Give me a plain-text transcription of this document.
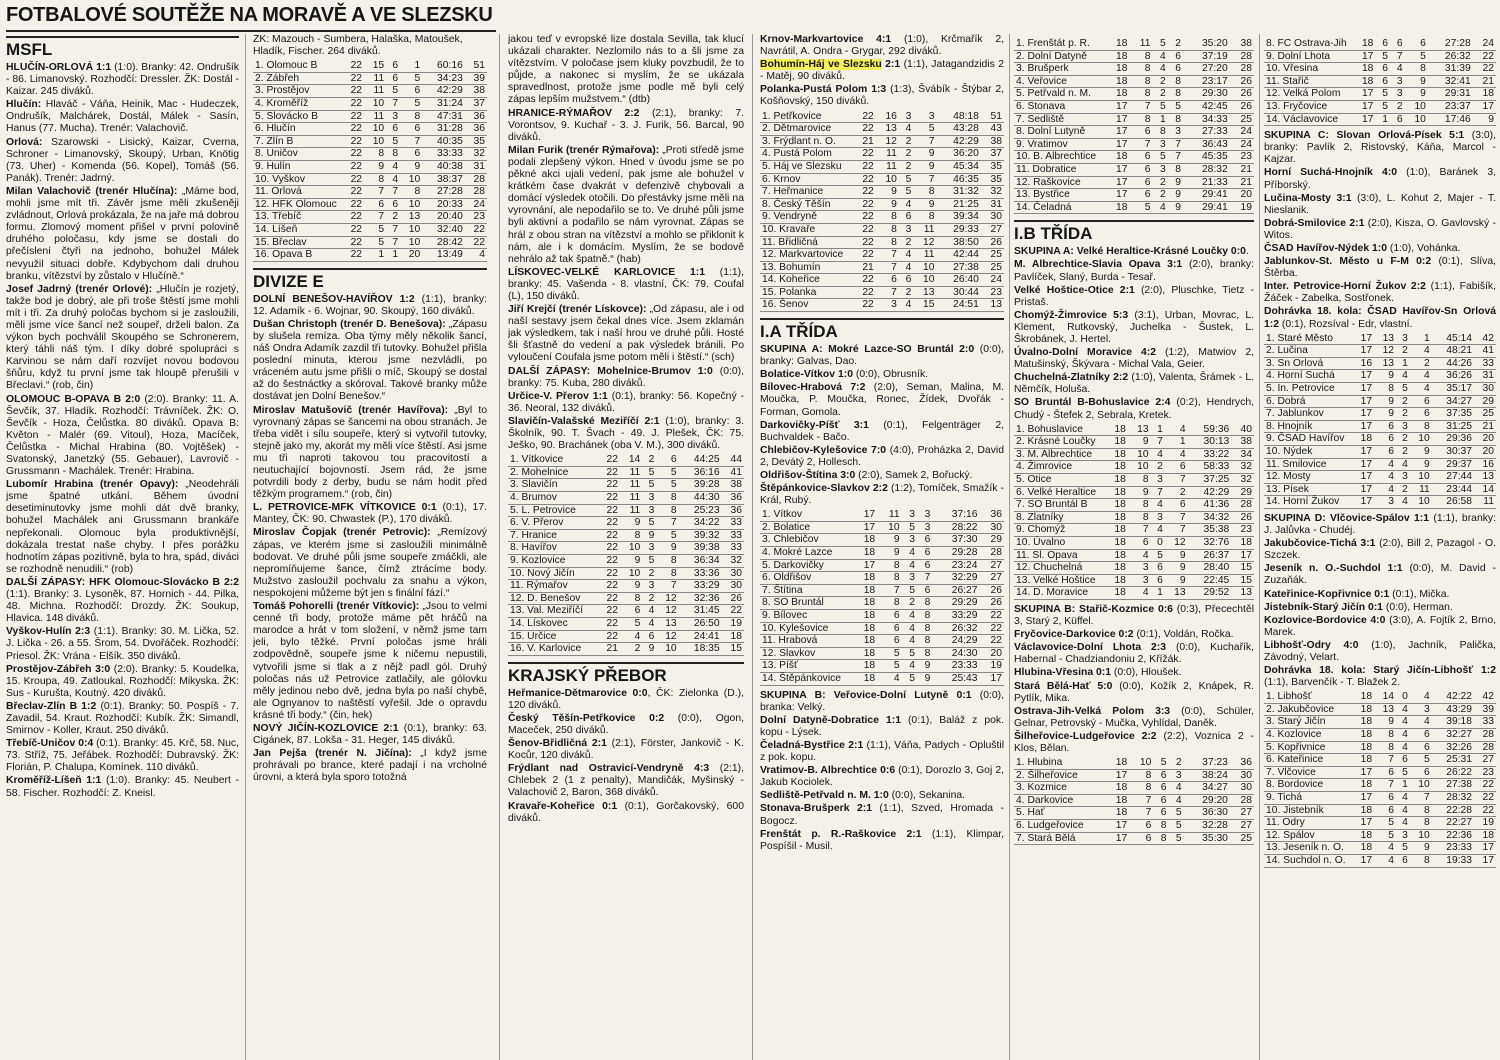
FOTBALOVÉ SOUTĚŽE NA MORAVĚ A VE SLEZSKU
MSFL

HLUČÍN-ORLOVÁ 1:1 (1:0). Branky: 42. Ondrušík - 86. Limanovský. Rozhodčí: Dressler. ŽK: Dostál - Kaizar. 245 diváků.

Hlučín: Hlaváč - Váňa, Heinik, Mac - Hudeczek, Ondrušík, Malchárek, Dostál, Málek - Sasín, Hanus (77. Mucha). Trenér: Valachovič.

Orlová: Szarowski - Lisický, Kaizar, Cverna, Schroner - Limanovský, Skoupý, Urban, Knötig (73. Uher) - Komenda (56. Kopel), Tomáš (56. Panák). Trenér: Jadrný.

Milan Valachovič (trenér Hlučína): „Máme bod, mohli jsme mít tři. Závěr jsme měli zkušeněji zvládnout, Orlová prokázala, že na jaře má dobrou formu. Zlomový moment přišel v první polovině druhého poločasu, kdy jsme se dostali do přečíslení čtyři na jednoho, bohužel Málek nevyužil situaci dobře. Kdybychom dali druhou branku, vítězství by zůstalo v Hlučíně.“

Josef Jadrný (trenér Orlové): „Hlučín je rozjetý, takže bod je dobrý, ale při troše štěstí jsme mohli mít i tři. Za druhý poločas bychom si je zasloužili, měli jsme více šancí než soupeř, drželi balon. Za výkon bych pochválil Skoupého se Schronerem, který táhli náš tým. I díky dobré spolupráci s Karvinou se nám daří rozvíjet novou bodovou šňůru, když tu první jsme tak hloupě přerušili v Břeclavi.“ (rob, čin)

OLOMOUC B-OPAVA B 2:0 (2:0). Branky: 11. A. Ševčík, 37. Hladík. Rozhodčí: Trávníček. ŽK: O. Ševčík - Hoza, Čelůstka. 80 diváků. Opava B: Květon - Malér (69. Vitoul), Hoza, Macíček, Čelůstka - Michal Hrabina (80. Vojtěšek) - Svatonský, Janetzký (55. Gebauer), Lavrovič - Grussmann - Machálek. Trenér: Hrabina.

Lubomír Hrabina (trenér Opavy): „Neodehráli jsme špatné utkání. Během úvodní desetiminutovky jsme mohli dát dvě branky, bohužel Machálek ani Grussmann brankáře nepřekonali. Olomouc byla produktivnější, dokázala trestat naše chyby. I přes porážku hodnotím zápas pozitivně, byla to hra, spád, diváci se rozhodně nenudili.“ (rob)

DALŠÍ ZÁPASY: HFK Olomouc-Slovácko B 2:2 (1:1). Branky: 3. Lysoněk, 87. Hornich - 44. Pilka, 48. Michna. Rozhodčí: Drozdy. ŽK: Soukup, Hlavica. 148 diváků.

Vyškov-Hulín 2:3 (1:1). Branky: 30. M. Lička, 52. J. Lička - 26. a 55. Šrom, 54. Dvořáček. Rozhodčí: Priesol. ŽK: Vrána - Elšík. 350 diváků.

Prostějov-Zábřeh 3:0 (2:0). Branky: 5. Koudelka, 15. Kroupa, 49. Zatloukal. Rozhodčí: Mikyska. ŽK: Sus - Kurušta, Koutný. 420 diváků.

Břeclav-Zlín B 1:2 (0:1). Branky: 50. Pospíš - 7. Zavadil, 54. Kraut. Rozhodčí: Kubík. ŽK: Simandl, Smirnov - Koller, Kraut. 250 diváků.

Třebíč-Uničov 0:4 (0:1). Branky: 45. Krč, 58. Nuc, 73. Stříž, 75. Jeřábek. Rozhodčí: Dubravský. ŽK: Florián, P. Chalupa, Komínek. 110 diváků.

Kroměříž-Líšeň 1:1 (1:0). Branky: 45. Neubert - 58. Fischer. Rozhodčí: Z. Kneisl.

ŽK: Mazouch - Šumbera, Halaška, Matoušek, Hladík, Fischer. 264 diváků.
1. Olomouc B	22	15	6	1	60:16	51
2. Zábřeh	22	11	6	5	34:23	39
3. Prostějov	22	11	5	6	42:29	38
4. Kroměříž	22	10	7	5	31:24	37
5. Slovácko B	22	11	3	8	47:31	36
6. Hlučín	22	10	6	6	31:28	36
7. Zlín B	22	10	5	7	40:35	35
8. Uničov	22	8	8	6	33:33	32
9. Hulín	22	9	4	9	40:38	31
10. Vyškov	22	8	4	10	38:37	28
11. Orlová	22	7	7	8	27:28	28
12. HFK Olomouc	22	6	6	10	20:33	24
13. Třebíč	22	7	2	13	20:40	23
14. Líšeň	22	5	7	10	32:40	22
15. Břeclav	22	5	7	10	28:42	22
16. Opava B	22	1	1	20	13:49	4
DIVIZE E

DOLNÍ BENEŠOV-HAVÍŘOV 1:2 (1:1), branky: 12. Adamík - 6. Wojnar, 90. Skoupý, 160 diváků.

Dušan Christoph (trenér D. Benešova): „Zápasu by slušela remíza. Oba týmy měly několik šancí, náš Ondra Adamík zazdil tři tutovky. Bohužel přišla poslední minuta, kterou jsme nezvládli, po vráceném autu jsme přišli o míč, Skoupý se dostal až do šestnáctky a skóroval. Takové branky může dostávat jen Dolní Benešov.“

Miroslav Matušovič (trenér Havířova): „Byl to vyrovnaný zápas se šancemi na obou stranách. Je třeba vidět i sílu soupeře, který si vytvořil tutovky, stejně jako my, akorát my měli více štěstí. Asi jsme mu tři naproti takovou tou pracovitostí a neutuchající bojovností. Jsem rád, že jsme potvrdili body z derby, budu se nám hodit před těžkým programem.“ (rob, čin)

L. PETROVICE-MFK VÍTKOVICE 0:1 (0:1), 17. Mantey, ČK: 90. Chwastek (P.), 170 diváků.

Miroslav Čopjak (trenér Petrovic): „Remízový zápas, ve kterém jsme si zasloužili minimálně bodovat. Ve druhé půli jsme soupeře zmáčkli, ale nepromíňujeme šance, čímž ztrácíme body. Mužstvo zasloužil pochvalu za snahu a výkon, nespokojeni můžeme být jen s finální fází.“

Tomáš Pohorelli (trenér Vítkovic): „Jsou to velmi cenné tři body, protože máme pět hráčů na marodce a hrát v tom složení, v němž jsme tam jeli, bylo těžké. První poločas jsme hráli zodpovědně, soupeře jsme k ničemu nepustili, vytvořili jsme si tlak a z nějž padl gól. Druhý poločas nás už Petrovice zatlačily, ale gólovku měly jedinou nebo dvě, jedna byla po naší chybě, ale Ognyanov to naštěstí vyřešil. Jde o opravdu krásné tři body.“ (čin, hek)

NOVÝ JIČÍN-KOZLOVICE 2:1 (0:1), branky: 63. Cigánek, 87. Lokša - 31. Heger, 145 diváků.

Jan Pejša (trenér N. Jičína): „I když jsme prohrávali po brance, které padají i na vrcholné úrovni, a která byla sporo totožná

jakou teď v evropské lize dostala Sevilla, tak klucí ukázali charakter. Nezlomilo nás to a šli jsme za vítězstvím. V poločase jsem kluky povzbudil, že to půjde, a nakonec si myslím, že se ukázala spravedlnost, protože jsme podle mě byli celý zápas lepším mužstvem.“ (dtb)

HRANICE-RÝMAŘOV 2:2 (2:1), branky: 7. Vorontsov, 9. Kuchař - 3. J. Furik, 56. Barcal, 90 diváků.

Milan Furik (trenér Rýmařova): „Proti středě jsme podali zlepšený výkon. Hned v úvodu jsme se po pěkné akci ujali vedení, pak jsme ale bohužel v krátkém čase dvakrát v defenzivě chybovali a domácí výsledek otočili. Do přestávky jsme měli na vyrovnání, ale nepodařilo se to. Ve druhé půli jsme byli aktivní a podařilo se nám vyrovnat. Zápas se hrál z obou stran na vítězství a mohlo se přiklonit k nám, ale i k domácím. Myslím, že se bodově nehrálo až tak špatně.“ (hab)

LÍSKOVEC-VELKÉ KARLOVICE 1:1 (1:1), branky: 45. Vašenda - 8. vlastní, ČK: 79. Coufal (L), 150 diváků.

Jiří Krejčí (trenér Lískovce): „Od zápasu, ale i od naší sestavy jsem čekal dnes více. Jsem zklamán jak výsledkem, tak i naší hrou ve druhé půli. Hosté šli šťastně do vedení a pak výsledek bránili. Po vyloučení Coufala jsme potom měli i štěstí.“ (sch)

DALŠÍ ZÁPASY: Mohelnice-Brumov 1:0 (0:0), branky: 75. Kuba, 280 diváků.

Určice-V. Přerov 1:1 (0:1), branky: 56. Kopečný - 36. Neoral, 132 diváků.

Slavičín-Valašské Meziříčí 2:1 (1:0), branky: 3. Školník, 90. T. Švach - 49. J. Plešek, ČK: 75. Ješko, 90. Brachánek (oba V. M.), 300 diváků.

1. Vítkovice	22	14	2	6	44:25	44
2. Mohelnice	22	11	5	5	36:16	41
3. Slavičín	22	11	5	5	39:28	38
4. Brumov	22	11	3	8	44:30	36
5. L. Petrovice	22	11	3	8	25:23	36
6. V. Přerov	22	9	5	7	34:22	33
7. Hranice	22	8	9	5	39:32	33
8. Havířov	22	10	3	9	39:38	33
9. Kozlovice	22	9	5	8	36:34	32
10. Nový Jičín	22	10	2	8	33:36	30
11. Rýmařov	22	9	3	7	33:29	30
12. D. Benešov	22	8	2	12	32:36	26
13. Val. Meziříčí	22	6	4	12	31:45	22
14. Lískovec	22	5	4	13	26:50	19
15. Určice	22	4	6	12	24:41	18
16. V. Karlovice	21	2	9	10	18:35	15
KRAJSKÝ PŘEBOR

Heřmanice-Dětmarovice 0:0, ČK: Zielonka (D.), 120 diváků.

Český Těšín-Petřkovice 0:2 (0:0), Ogon, Maceček, 250 diváků.

Šenov-Břidličná 2:1 (2:1), Förster, Jankovič - K. Kocůr, 120 diváků.

Frýdlant nad Ostravicí-Vendryně 4:3 (2:1), Chlebek 2 (1 z penalty), Mandičák, Myšinský - Valachovič 2, Baron, 368 diváků.

Kravaře-Koheřice 0:1 (0:1), Gorčakovský, 600 diváků.

Krnov-Markvartovice 4:1 (1:0), Krčmařík 2, Navrátil, A. Ondra - Grygar, 292 diváků.

Bohumín-Háj ve Slezsku 2:1 (1:1), Jatagandzidis 2 - Matěj, 90 diváků.

Polanka-Pustá Polom 1:3 (1:3), Švábík - Štýbar 2, Košňovský, 150 diváků.

1. Petřkovice	22	16	3	3	48:18	51
2. Dětmarovice	22	13	4	5	43:28	43
3. Frýdlant n. O.	21	12	2	7	42:29	38
4. Pustá Polom	22	11	2	9	36:20	37
5. Háj ve Slezsku	22	11	2	9	45:34	35
6. Krnov	22	10	5	7	46:35	35
7. Heřmanice	22	9	5	8	31:32	32
8. Český Těšín	22	9	4	9	21:25	31
9. Vendryně	22	8	6	8	39:34	30
10. Kravaře	22	8	3	11	29:33	27
11. Břidličná	22	8	2	12	38:50	26
12. Markvartovice	22	7	4	11	42:44	25
13. Bohumín	21	7	4	10	27:38	25
14. Koheřice	22	6	6	10	26:40	24
15. Polanka	22	7	2	13	30:44	23
16. Šenov	22	3	4	15	24:51	13
I.A TŘÍDA

SKUPINA A: Mokré Lazce-SO Bruntál 2:0 (0:0), branky: Galvas, Dao.

Bolatice-Vítkov 1:0 (0:0), Obrusník.

Bílovec-Hrabová 7:2 (2:0), Seman, Malina, M. Moučka, P. Moučka, Ronec, Žídek, Dvořák - Forman, Gomola.

Darkovičky-Píšť 3:1 (0:1), Felgenträger 2, Buchvaldek - Bačo.

Chlebičov-Kylešovice 7:0 (4:0), Proházka 2, David 2, Devátý 2, Hollesch.

Oldřišov-Štítina 3:0 (2:0), Samek 2, Bořucký.

Štěpánkovice-Slavkov 2:2 (1:2), Tomíček, Smažík - Král, Rubý.

1. Vítkov	17	11	3	3	37:16	36
2. Bolatice	17	10	5	3	28:22	30
3. Chlebičov	18	9	3	6	37:30	29
4. Mokré Lazce	18	9	4	6	29:28	28
5. Darkovičky	17	8	4	6	23:24	27
6. Oldřišov	18	8	3	7	32:29	27
7. Štítina	18	7	5	6	26:27	26
8. SO Bruntál	18	8	2	8	29:29	26
9. Bílovec	18	6	4	8	33:29	22
10. Kylešovice	18	6	4	8	26:32	22
11. Hrabová	18	6	4	8	24:29	22
12. Slavkov	18	5	5	8	24:30	20
13. Píšť	18	5	4	9	23:33	19
14. Štěpánkovice	18	4	5	9	25:43	17

SKUPINA B: Veřovice-Dolní Lutyně 0:1 (0:0), branka: Velký.

Dolní Datyně-Dobratice 1:1 (0:1), Baláž z pok. kopu - Lýsek.

Čeladná-Bystřice 2:1 (1:1), Váňa, Padych - Opluštil z pok. kopu.

Vratimov-B. Albrechtice 0:6 (0:1), Dorozlo 3, Goj 2, Jakub Kociolek.

Sedliště-Petřvald n. M. 1:0 (0:0), Sekanina.

Stonava-Brušperk 2:1 (1:1), Szved, Hromada - Bogocz.

Frenštát p. R.-Raškovice 2:1 (1:1), Klimpar, Pospíšil - Musil.

1. Frenštát p. R.	18	11	5	2	35:20	38
2. Dolní Datyně	18	8	4	6	37:19	28
3. Brušperk	18	8	4	6	27:20	28
4. Veřovice	18	8	2	8	23:17	26
5. Petřvald n. M.	18	8	2	8	29:30	26
6. Stonava	17	7	5	5	42:45	26
7. Sedliště	17	8	1	8	34:33	25
8. Dolní Lutyně	17	6	8	3	27:33	24
9. Vratimov	17	7	3	7	36:43	24
10. B. Albrechtice	18	6	5	7	45:35	23
11. Dobratice	17	6	3	8	28:32	21
12. Raškovice	17	6	2	9	21:33	21
13. Bystřice	17	6	2	9	29:41	20
14. Čeladná	18	5	4	9	29:41	19
I.B TŘÍDA

SKUPINA A: Velké Heraltice-Krásné Loučky 0:0.

M. Albrechtice-Slavia Opava 3:1 (2:0), branky: Pavlíček, Slaný, Burda - Tesař.

Velké Hoštice-Otice 2:1 (2:0), Pluschke, Tietz - Pristaš.

Chomýž-Žimrovice 5:3 (3:1), Urban, Movrac, L. Klement, Rutkovský, Juchelka - Šustek, L. Škrobánek, J. Hertel.

Úvalno-Dolní Moravice 4:2 (1:2), Matwiov 2, Matušinský, Škývara - Michal Vala, Geier.

Chuchelná-Zlatníky 2:2 (1:0), Valenta, Šrámek - L. Němčík, Holuša.

SO Bruntál B-Bohuslavice 2:4 (0:2), Hendrych, Chudý - Štefek 2, Sebrala, Kretek.

1. Bohuslavice	18	13	1	4	59:36	40
2. Krásné Loučky	18	9	7	1	30:13	38
3. M. Albrechtice	18	10	4	4	33:22	34
4. Žimrovice	18	10	2	6	58:33	32
5. Otice	18	8	3	7	37:25	32
6. Velké Heraltice	18	9	7	2	42:29	29
7. SO Bruntál B	18	8	4	6	41:36	28
8. Zlatníky	18	8	3	7	34:32	26
9. Chomýž	18	7	4	7	35:38	23
10. Úvalno	18	6	0	12	32:76	18
11. Sl. Opava	18	4	5	9	26:37	17
12. Chuchelná	18	3	6	9	28:40	15
13. Velké Hoštice	18	3	6	9	22:45	15
14. D. Moravice	18	4	1	13	29:52	13

SKUPINA B: Stařič-Kozmice 0:6 (0:3), Přecechtěl 3, Starý 2, Küffel.

Fryčovice-Darkovice 0:2 (0:1), Voldán, Ročka.

Václavovice-Dolní Lhota 2:3 (0:0), Kuchařík, Habernal - Chadziandoniu 2, Křížák.

Hlubina-Vřesina 0:1 (0:0), Hloušek.

Stará Bělá-Hať 5:0 (0:0), Kožík 2, Knápek, R. Pytlík, Mika.

Ostrava-Jih-Velká Polom 3:3 (0:0), Schüler, Gelnar, Petrovský - Mučka, Vyhlídal, Daněk.

Šilheřovice-Ludgeřovice 2:2 (2:2), Voznica 2 - Klos, Bělan.

1. Hlubina	18	10	5	2	37:23	36
2. Šilheřovice	17	8	6	3	38:24	30
3. Kozmice	18	8	6	4	34:27	30
4. Darkovice	18	7	6	4	29:20	28
5. Hať	18	7	6	5	36:30	27
6. Ludgeřovice	17	6	8	5	32:28	27
7. Stará Bělá	17	6	8	5	35:30	25
8. FC Ostrava-Jih	18	6	6	6	27:28	24
9. Dolní Lhota	17	5	7	5	26:32	22
10. Vřesina	18	6	4	8	31:39	22
11. Stařič	18	6	3	9	32:41	21
12. Velká Polom	17	5	3	9	29:31	18
13. Fryčovice	17	5	2	10	23:37	17
14. Václavovice	17	1	6	10	17:46	9

SKUPINA C: Slovan Orlová-Písek 5:1 (3:0), branky: Pavlík 2, Ristovský, Káňa, Marcol - Kajzar.

Horní Suchá-Hnojník 4:0 (1:0), Baránek 3, Příborský.

Lučina-Mosty 3:1 (3:0), L. Kohut 2, Majer - T. Nieslanik.

Dobrá-Smilovice 2:1 (2:0), Kisza, O. Gavlovský - Witos.

ČSAD Havířov-Nýdek 1:0 (1:0), Vohánka.

Jablunkov-St. Město u F-M 0:2 (0:1), Slíva, Štěrba.

Inter. Petrovice-Horní Žukov 2:2 (1:1), Fabišík, Žáček - Zabelka, Sostřonek.

Dohrávka 18. kola: ČSAD Havířov-Sn Orlová 1:2 (0:1), Rozsíval - Edr, vlastní.

1. Staré Město	17	13	3	1	45:14	42
2. Lučina	17	12	2	4	48:21	41
3. Sn Orlová	16	13	1	2	44:26	33
4. Horní Suchá	17	9	4	4	36:26	31
5. In. Petrovice	17	8	5	4	35:17	30
6. Dobrá	17	9	2	6	34:27	29
7. Jablunkov	17	9	2	6	37:35	25
8. Hnojník	17	6	3	8	31:25	21
9. ČSAD Havířov	18	6	2	10	29:36	20
10. Nýdek	17	6	2	9	30:37	20
11. Smilovice	17	4	4	9	29:37	16
12. Mosty	17	4	3	10	27:44	13
13. Písek	17	4	2	11	23:44	14
14. Horní Žukov	17	3	4	10	26:58	11

SKUPINA D: Vlčovice-Spálov 1:1 (1:1), branky: J. Jalůvka - Chudéj.

Jakubčovice-Tichá 3:1 (2:0), Bill 2, Pazagol - O. Szczek.

Jeseník n. O.-Suchdol 1:1 (0:0), M. David - Zuzaňák.

Kateřinice-Kopřivnice 0:1 (0:1), Mička.

Jistebník-Starý Jičín 0:1 (0:0), Herman.

Kozlovice-Bordovice 4:0 (3:0), A. Fojtík 2, Brno, Marek.

Libhošť-Odry 4:0 (1:0), Jachník, Palička, Závodný, Velart.

Dohrávka 18. kola: Starý Jičín-Libhošť 1:2 (1:1), Barvenčík - T. Blažek 2.

1. Libhošť	18	14	0	4	42:22	42
2. Jakubčovice	18	13	4	3	43:29	39
3. Starý Jičín	18	9	4	4	39:18	33
4. Kozlovice	18	8	4	6	32:27	28
5. Kopřivnice	18	8	4	6	32:26	28
6. Kateřinice	18	7	6	5	25:31	27
7. Vlčovice	17	6	5	6	26:22	23
8. Bordovice	18	7	1	10	27:38	22
9. Tichá	17	6	4	7	28:32	22
10. Jistebník	18	6	4	8	22:28	22
11. Odry	17	5	4	8	22:27	19
12. Spálov	18	5	3	10	22:36	18
13. Jeseník n. O.	18	4	5	9	23:33	17
14. Suchdol n. O.	17	4	6	8	19:33	17
